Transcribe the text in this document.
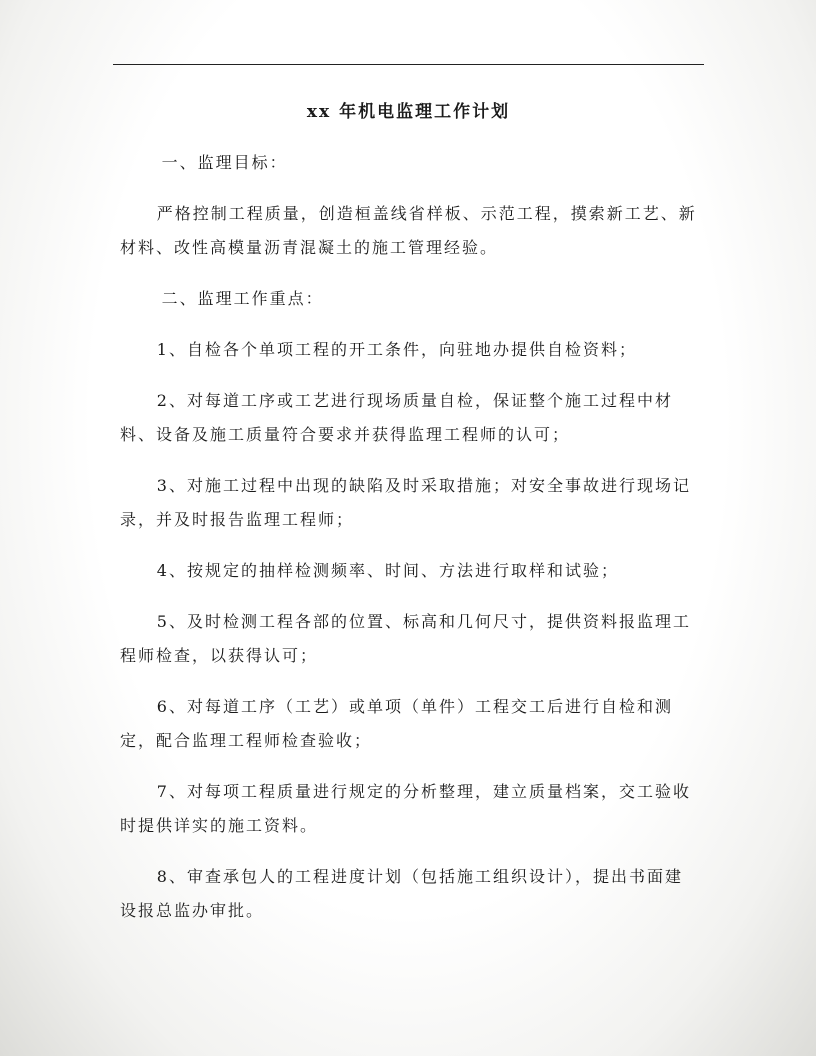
xx 年机电监理工作计划

一、监理目标：

严格控制工程质量，创造桓盖线省样板、示范工程，摸索新工艺、新材料、改性高模量沥青混凝土的施工管理经验。

二、监理工作重点：

1、自检各个单项工程的开工条件，向驻地办提供自检资料；

2、对每道工序或工艺进行现场质量自检，保证整个施工过程中材料、设备及施工质量符合要求并获得监理工程师的认可；

3、对施工过程中出现的缺陷及时采取措施；对安全事故进行现场记录，并及时报告监理工程师；

4、按规定的抽样检测频率、时间、方法进行取样和试验；

5、及时检测工程各部的位置、标高和几何尺寸，提供资料报监理工程师检查，以获得认可；

6、对每道工序（工艺）或单项（单件）工程交工后进行自检和测定，配合监理工程师检查验收；

7、对每项工程质量进行规定的分析整理，建立质量档案，交工验收时提供详实的施工资料。

8、审查承包人的工程进度计划（包括施工组织设计），提出书面建设报总监办审批。
